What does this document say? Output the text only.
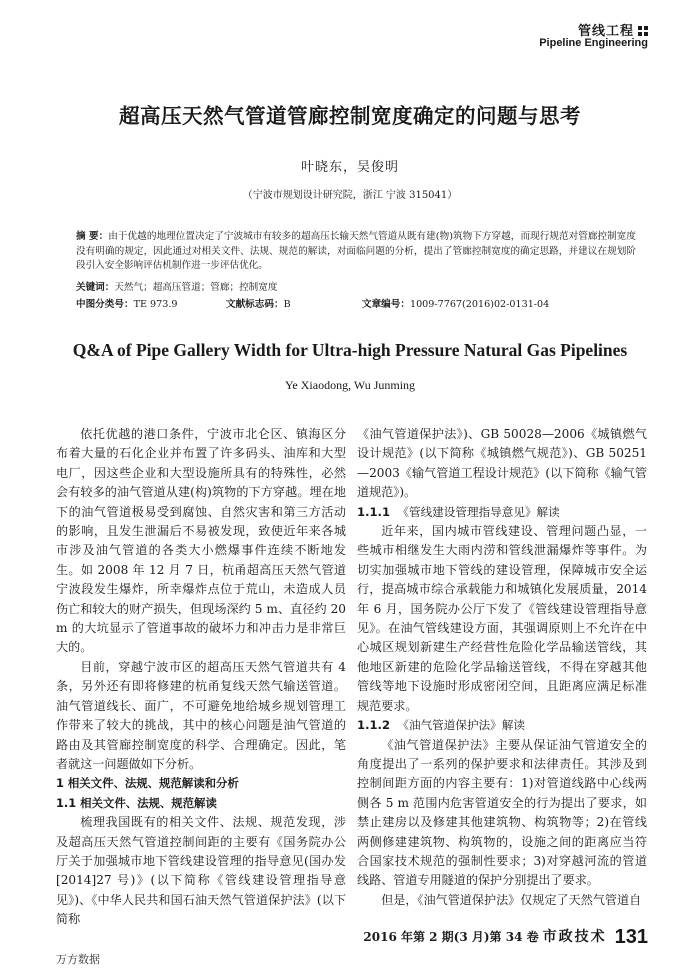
管线工程
Pipeline Engineering
超高压天然气管道管廊控制宽度确定的问题与思考
叶晓东，吴俊明
（宁波市规划设计研究院，浙江 宁波 315041）
摘 要：由于优越的地理位置决定了宁波城市有较多的超高压长输天然气管道从既有建(物)筑物下方穿越，而现行规范对管廊控制宽度没有明确的规定，因此通过对相关文件、法规、规范的解读，对面临问题的分析，提出了管廊控制宽度的确定思路，并建议在规划阶段引入安全影响评估机制作进一步评估优化。
关键词：天然气；超高压管道；管廊；控制宽度
中图分类号：TE 973.9	文献标志码：B	文章编号：1009-7767(2016)02-0131-04
Q&A of Pipe Gallery Width for Ultra-high Pressure Natural Gas Pipelines
Ye Xiaodong, Wu Junming

依托优越的港口条件，宁波市北仑区、镇海区分布着大量的石化企业并布置了许多码头、油库和大型电厂，因这些企业和大型设施所具有的特殊性，必然会有较多的油气管道从建(构)筑物的下方穿越。埋在地下的油气管道极易受到腐蚀、自然灾害和第三方活动的影响，且发生泄漏后不易被发现，致使近年来各城市涉及油气管道的各类大小燃爆事件连续不断地发生。如 2008 年 12 月 7 日，杭甬超高压天然气管道宁波段发生爆炸，所幸爆炸点位于荒山，未造成人员伤亡和较大的财产损失，但现场深约 5 m、直径约 20 m 的大坑显示了管道事故的破坏力和冲击力是非常巨大的。

目前，穿越宁波市区的超高压天然气管道共有 4 条，另外还有即将修建的杭甬复线天然气输送管道。油气管道线长、面广，不可避免地给城乡规划管理工作带来了较大的挑战，其中的核心问题是油气管道的路由及其管廊控制宽度的科学、合理确定。因此，笔者就这一问题做如下分析。

1 相关文件、法规、规范解读和分析
1.1 相关文件、法规、规范解读

梳理我国既有的相关文件、法规、规范发现，涉及超高压天然气管道控制间距的主要有《国务院办公厅关于加强城市地下管线建设管理的指导意见(国办发[2014]27 号)》(以下简称《管线建设管理指导意见》)、《中华人民共和国石油天然气管道保护法》(以下简称

《油气管道保护法》)、GB 50028—2006《城镇燃气设计规范》(以下简称《城镇燃气规范》)、GB 50251—2003《输气管道工程设计规范》(以下简称《输气管道规范》)。

1.1.1 《管线建设管理指导意见》解读

近年来，国内城市管线建设、管理问题凸显，一些城市相继发生大雨内涝和管线泄漏爆炸等事件。为切实加强城市地下管线的建设管理，保障城市安全运行，提高城市综合承载能力和城镇化发展质量，2014 年 6 月，国务院办公厅下发了《管线建设管理指导意见》。在油气管线建设方面，其强调原则上不允许在中心城区规划新建生产经营性危险化学品输送管线，其他地区新建的危险化学品输送管线，不得在穿越其他管线等地下设施时形成密闭空间，且距离应满足标准规范要求。

1.1.2 《油气管道保护法》解读

《油气管道保护法》主要从保证油气管道安全的角度提出了一系列的保护要求和法律责任。其涉及到控制间距方面的内容主要有：1)对管道线路中心线两侧各 5 m 范围内危害管道安全的行为提出了要求，如禁止建房以及修建其他建筑物、构筑物等；2)在管线两侧修建建筑物、构筑物的，设施之间的距离应当符合国家技术规范的强制性要求；3)对穿越河流的管道线路、管道专用隧道的保护分别提出了要求。

但是，《油气管道保护法》仅规定了天然气管道自

2016 年第 2 期(3 月)第 34 卷 市政技术 131
万方数据
